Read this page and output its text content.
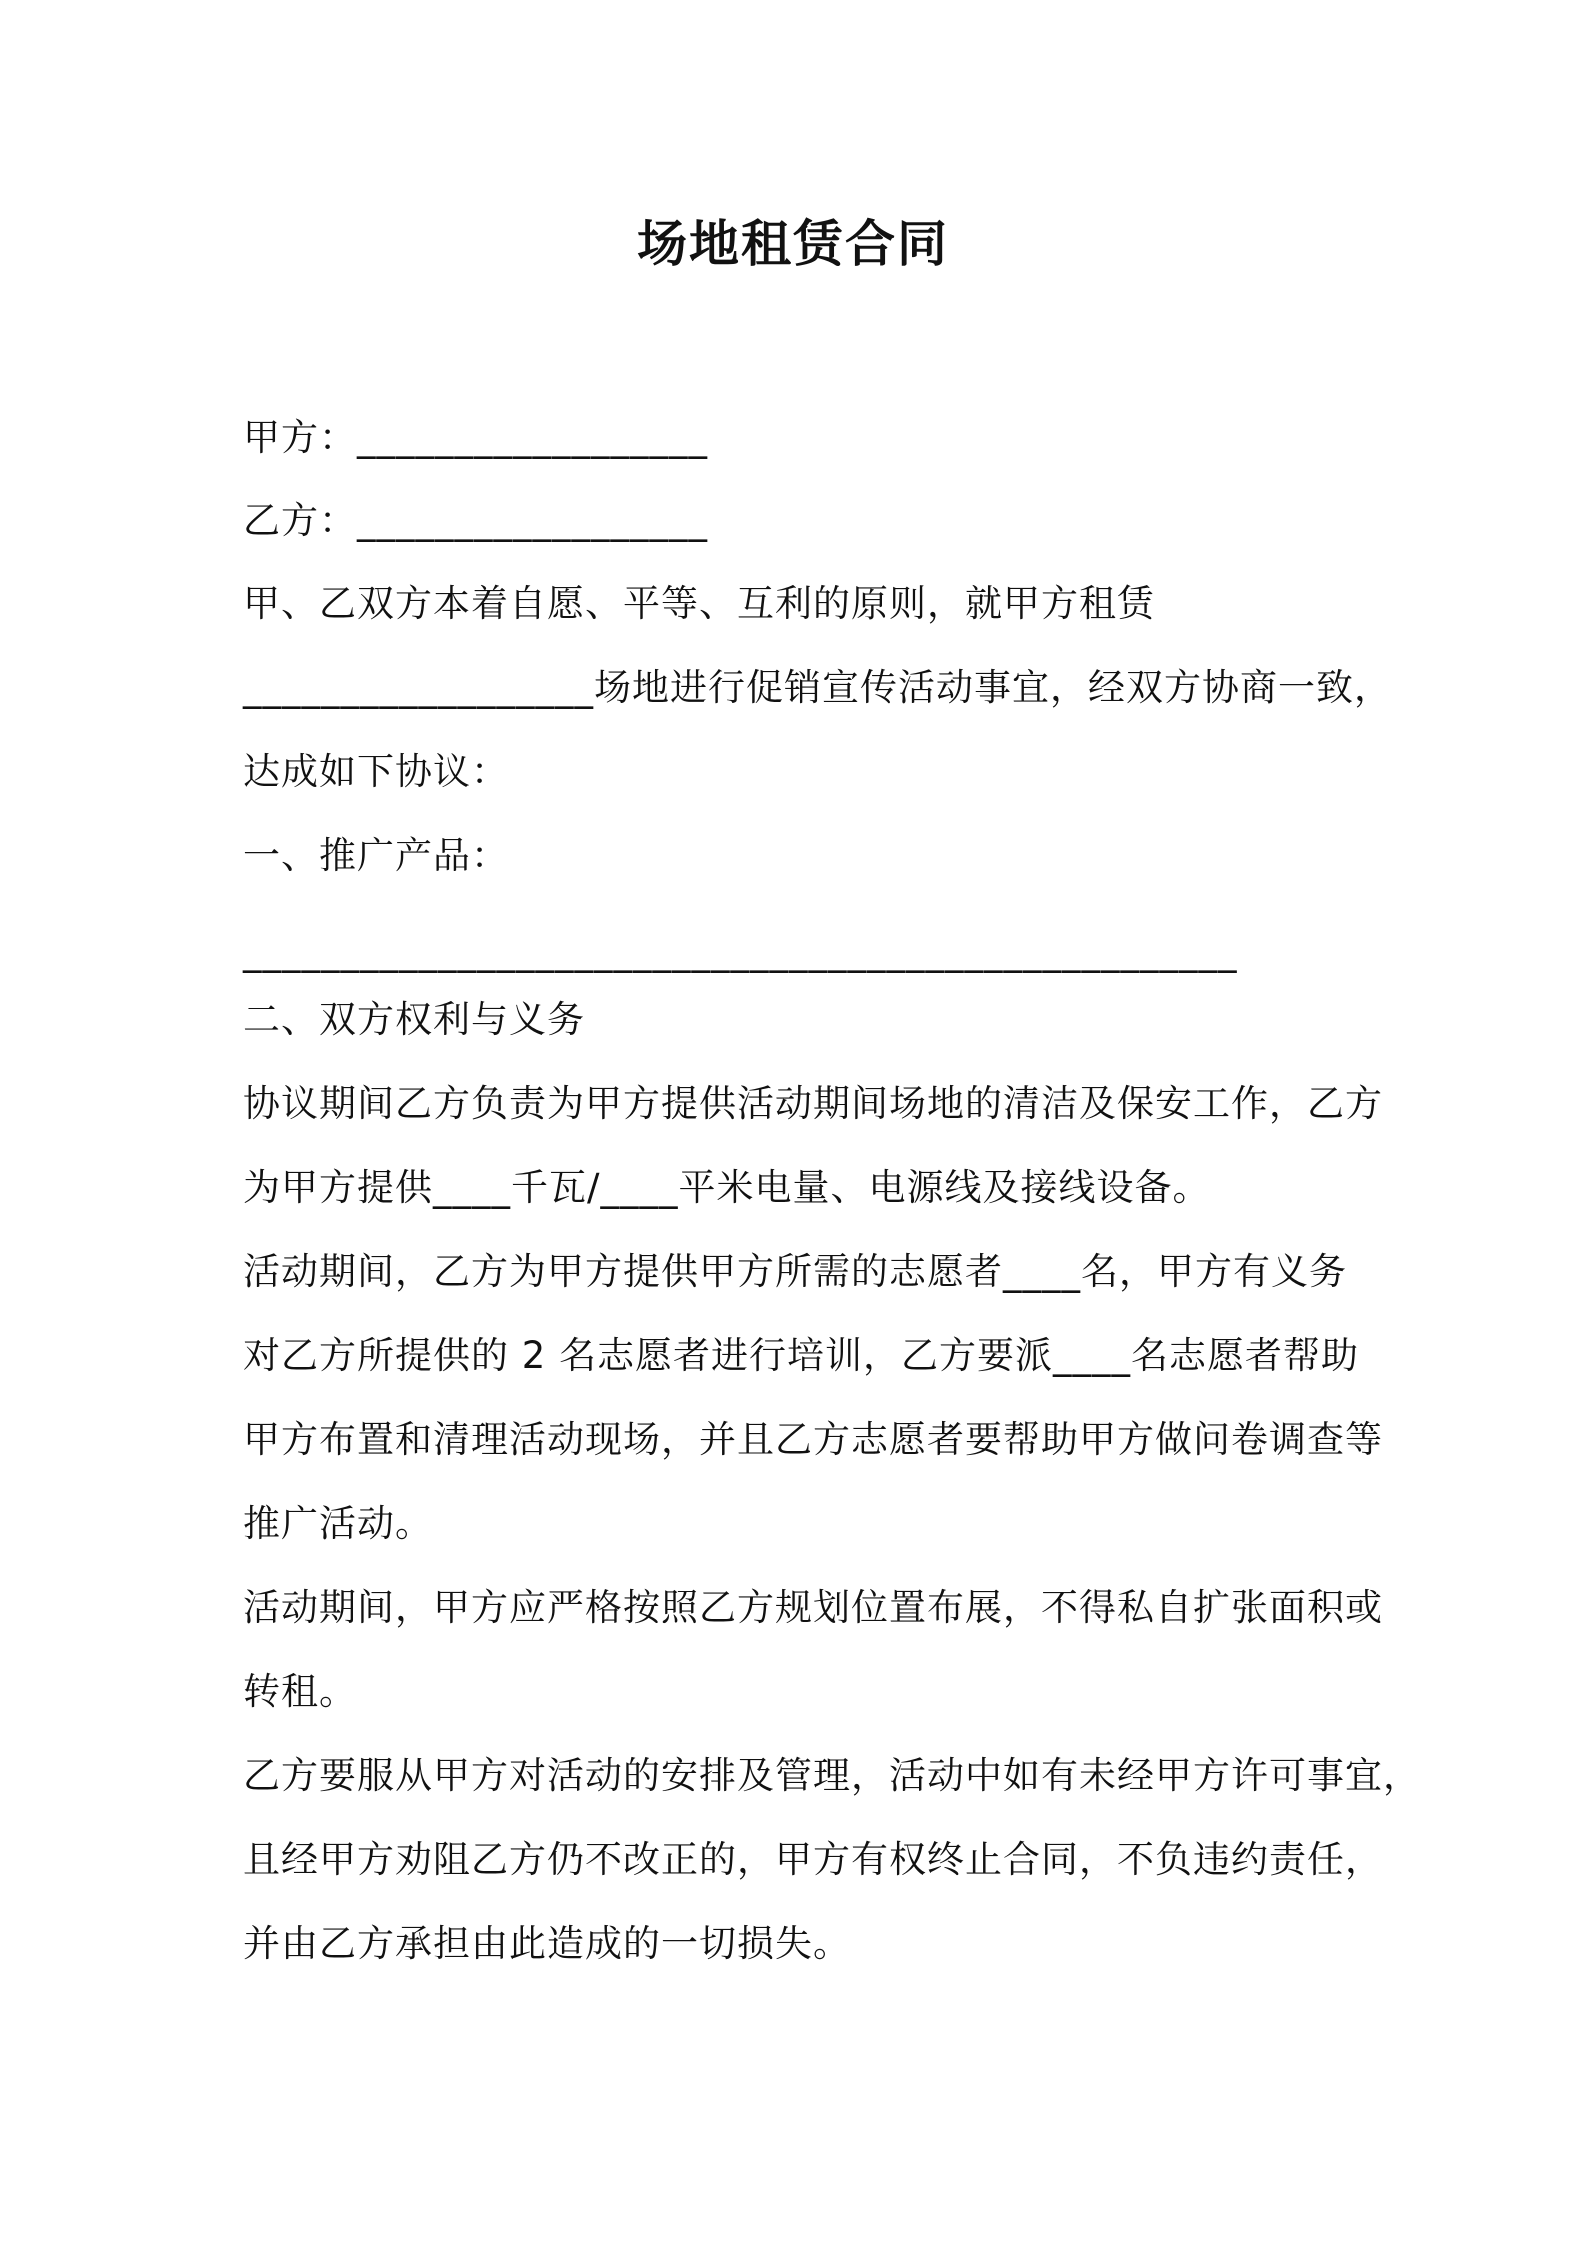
场地租赁合同
甲方：__________________
乙方：__________________
甲、乙双方本着自愿、平等、互利的原则，就甲方租赁
__________________场地进行促销宣传活动事宜，经双方协商一致，
达成如下协议：
一、推广产品：
___________________________________________________
二、双方权利与义务
协议期间乙方负责为甲方提供活动期间场地的清洁及保安工作，乙方
为甲方提供____千瓦/____平米电量、电源线及接线设备。
活动期间，乙方为甲方提供甲方所需的志愿者____名，甲方有义务
对乙方所提供的 2 名志愿者进行培训，乙方要派____名志愿者帮助
甲方布置和清理活动现场，并且乙方志愿者要帮助甲方做问卷调查等
推广活动。
活动期间，甲方应严格按照乙方规划位置布展，不得私自扩张面积或
转租。
乙方要服从甲方对活动的安排及管理，活动中如有未经甲方许可事宜，
且经甲方劝阻乙方仍不改正的，甲方有权终止合同，不负违约责任，
并由乙方承担由此造成的一切损失。
